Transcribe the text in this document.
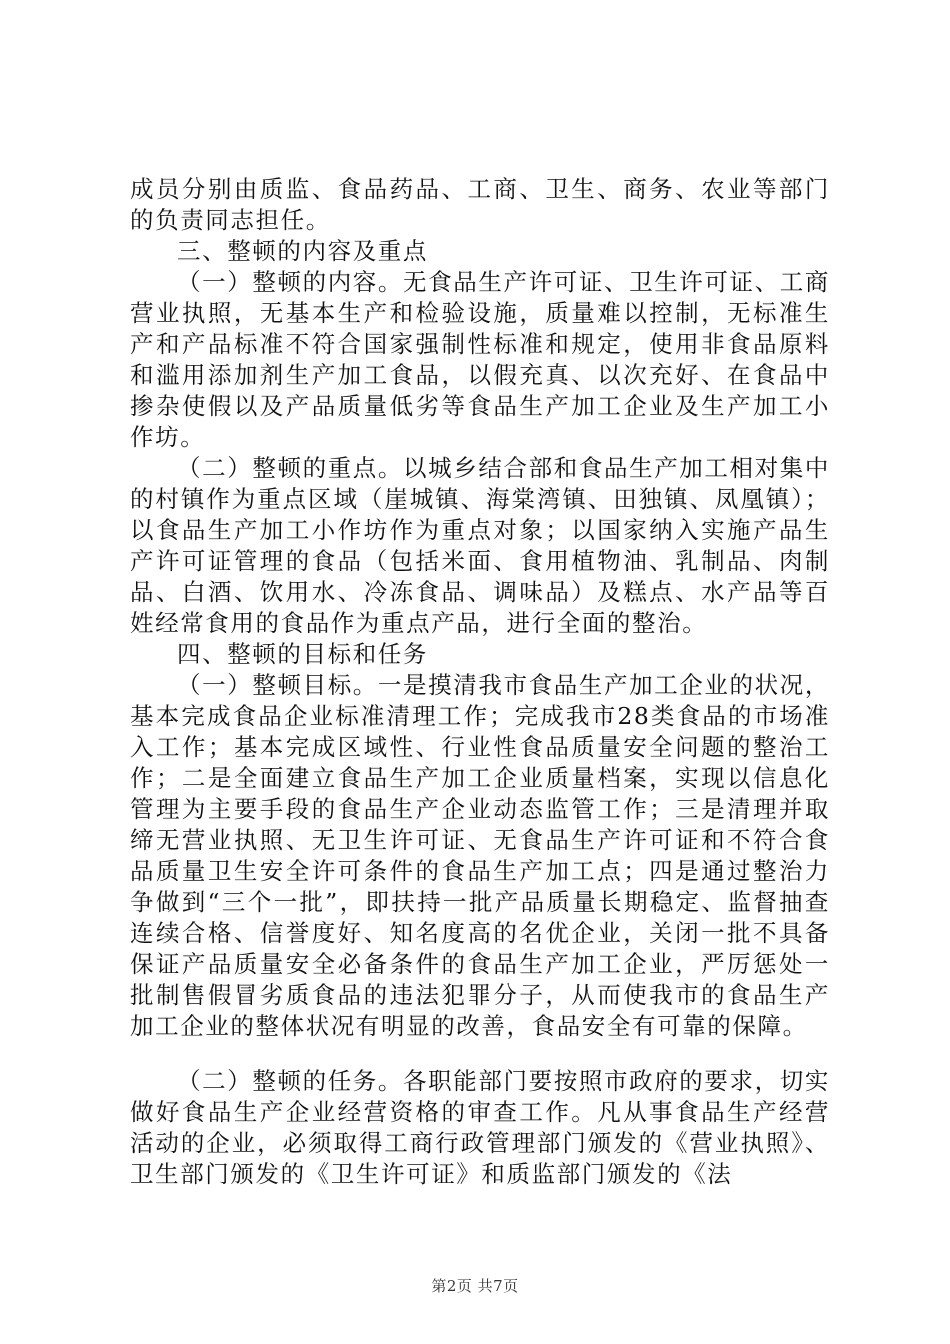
成员分别由质监、食品药品、工商、卫生、商务、农业等部门的负责同志担任。

三、整顿的内容及重点

（一）整顿的内容。无食品生产许可证、卫生许可证、工商营业执照，无基本生产和检验设施，质量难以控制，无标准生产和产品标准不符合国家强制性标准和规定，使用非食品原料和滥用添加剂生产加工食品，以假充真、以次充好、在食品中掺杂使假以及产品质量低劣等食品生产加工企业及生产加工小作坊。

（二）整顿的重点。以城乡结合部和食品生产加工相对集中的村镇作为重点区域（崖城镇、海棠湾镇、田独镇、凤凰镇）；以食品生产加工小作坊作为重点对象；以国家纳入实施产品生产许可证管理的食品（包括米面、食用植物油、乳制品、肉制品、白酒、饮用水、冷冻食品、调味品）及糕点、水产品等百姓经常食用的食品作为重点产品，进行全面的整治。

四、整顿的目标和任务

（一）整顿目标。一是摸清我市食品生产加工企业的状况，基本完成食品企业标准清理工作；完成我市28类食品的市场准入工作；基本完成区域性、行业性食品质量安全问题的整治工作；二是全面建立食品生产加工企业质量档案，实现以信息化管理为主要手段的食品生产企业动态监管工作；三是清理并取缔无营业执照、无卫生许可证、无食品生产许可证和不符合食品质量卫生安全许可条件的食品生产加工点；四是通过整治力争做到“三个一批”，即扶持一批产品质量长期稳定、监督抽查连续合格、信誉度好、知名度高的名优企业，关闭一批不具备保证产品质量安全必备条件的食品生产加工企业，严厉惩处一批制售假冒劣质食品的违法犯罪分子，从而使我市的食品生产加工企业的整体状况有明显的改善，食品安全有可靠的保障。

（二）整顿的任务。各职能部门要按照市政府的要求，切实做好食品生产企业经营资格的审查工作。凡从事食品生产经营活动的企业，必须取得工商行政管理部门颁发的《营业执照》、卫生部门颁发的《卫生许可证》和质监部门颁发的《法

第2页 共7页
